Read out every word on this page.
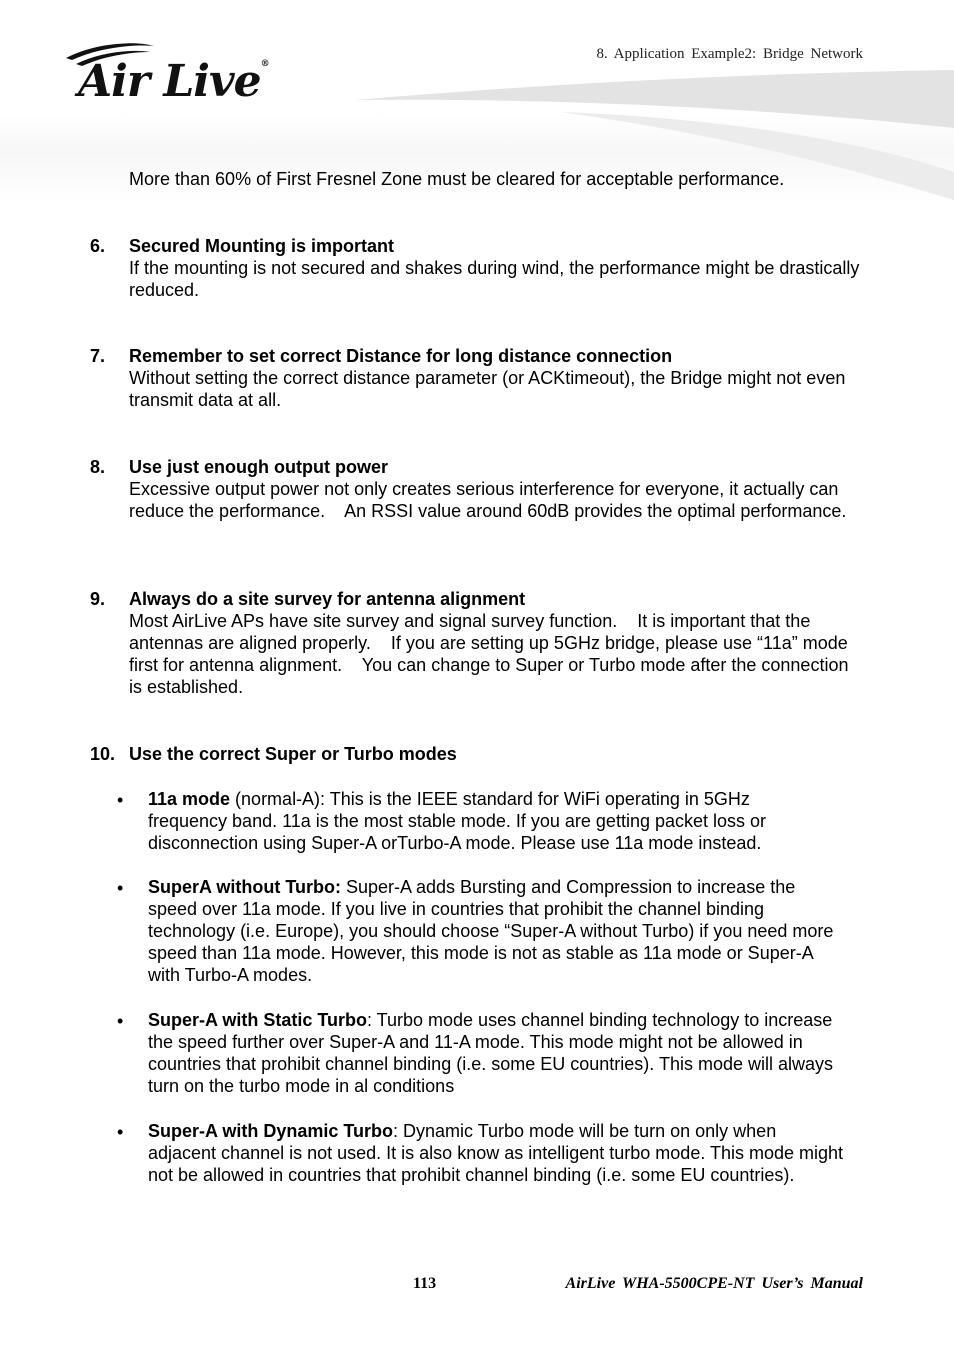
Air Live®
8. Application Example2: Bridge Network
More than 60% of First Fresnel Zone must be cleared for acceptable performance.
6. Secured Mounting is important
If the mounting is not secured and shakes during wind, the performance might be drastically reduced.
7. Remember to set correct Distance for long distance connection
Without setting the correct distance parameter (or ACKtimeout), the Bridge might not even transmit data at all.
8. Use just enough output power
Excessive output power not only creates serious interference for everyone, it actually can reduce the performance.    An RSSI value around 60dB provides the optimal performance.
9. Always do a site survey for antenna alignment
Most AirLive APs have site survey and signal survey function.    It is important that the antennas are aligned properly.    If you are setting up 5GHz bridge, please use “11a” mode first for antenna alignment.    You can change to Super or Turbo mode after the connection is established.
10. Use the correct Super or Turbo modes
• 11a mode (normal-A): This is the IEEE standard for WiFi operating in 5GHz frequency band. 11a is the most stable mode. If you are getting packet loss or disconnection using Super-A orTurbo-A mode. Please use 11a mode instead.
• SuperA without Turbo: Super-A adds Bursting and Compression to increase the speed over 11a mode. If you live in countries that prohibit the channel binding technology (i.e. Europe), you should choose “Super-A without Turbo) if you need more speed than 11a mode. However, this mode is not as stable as 11a mode or Super-A with Turbo-A modes.
• Super-A with Static Turbo: Turbo mode uses channel binding technology to increase the speed further over Super-A and 11-A mode. This mode might not be allowed in countries that prohibit channel binding (i.e. some EU countries). This mode will always turn on the turbo mode in al conditions
• Super-A with Dynamic Turbo: Dynamic Turbo mode will be turn on only when adjacent channel is not used. It is also know as intelligent turbo mode. This mode might not be allowed in countries that prohibit channel binding (i.e. some EU countries).
113	AirLive WHA-5500CPE-NT User’s Manual
